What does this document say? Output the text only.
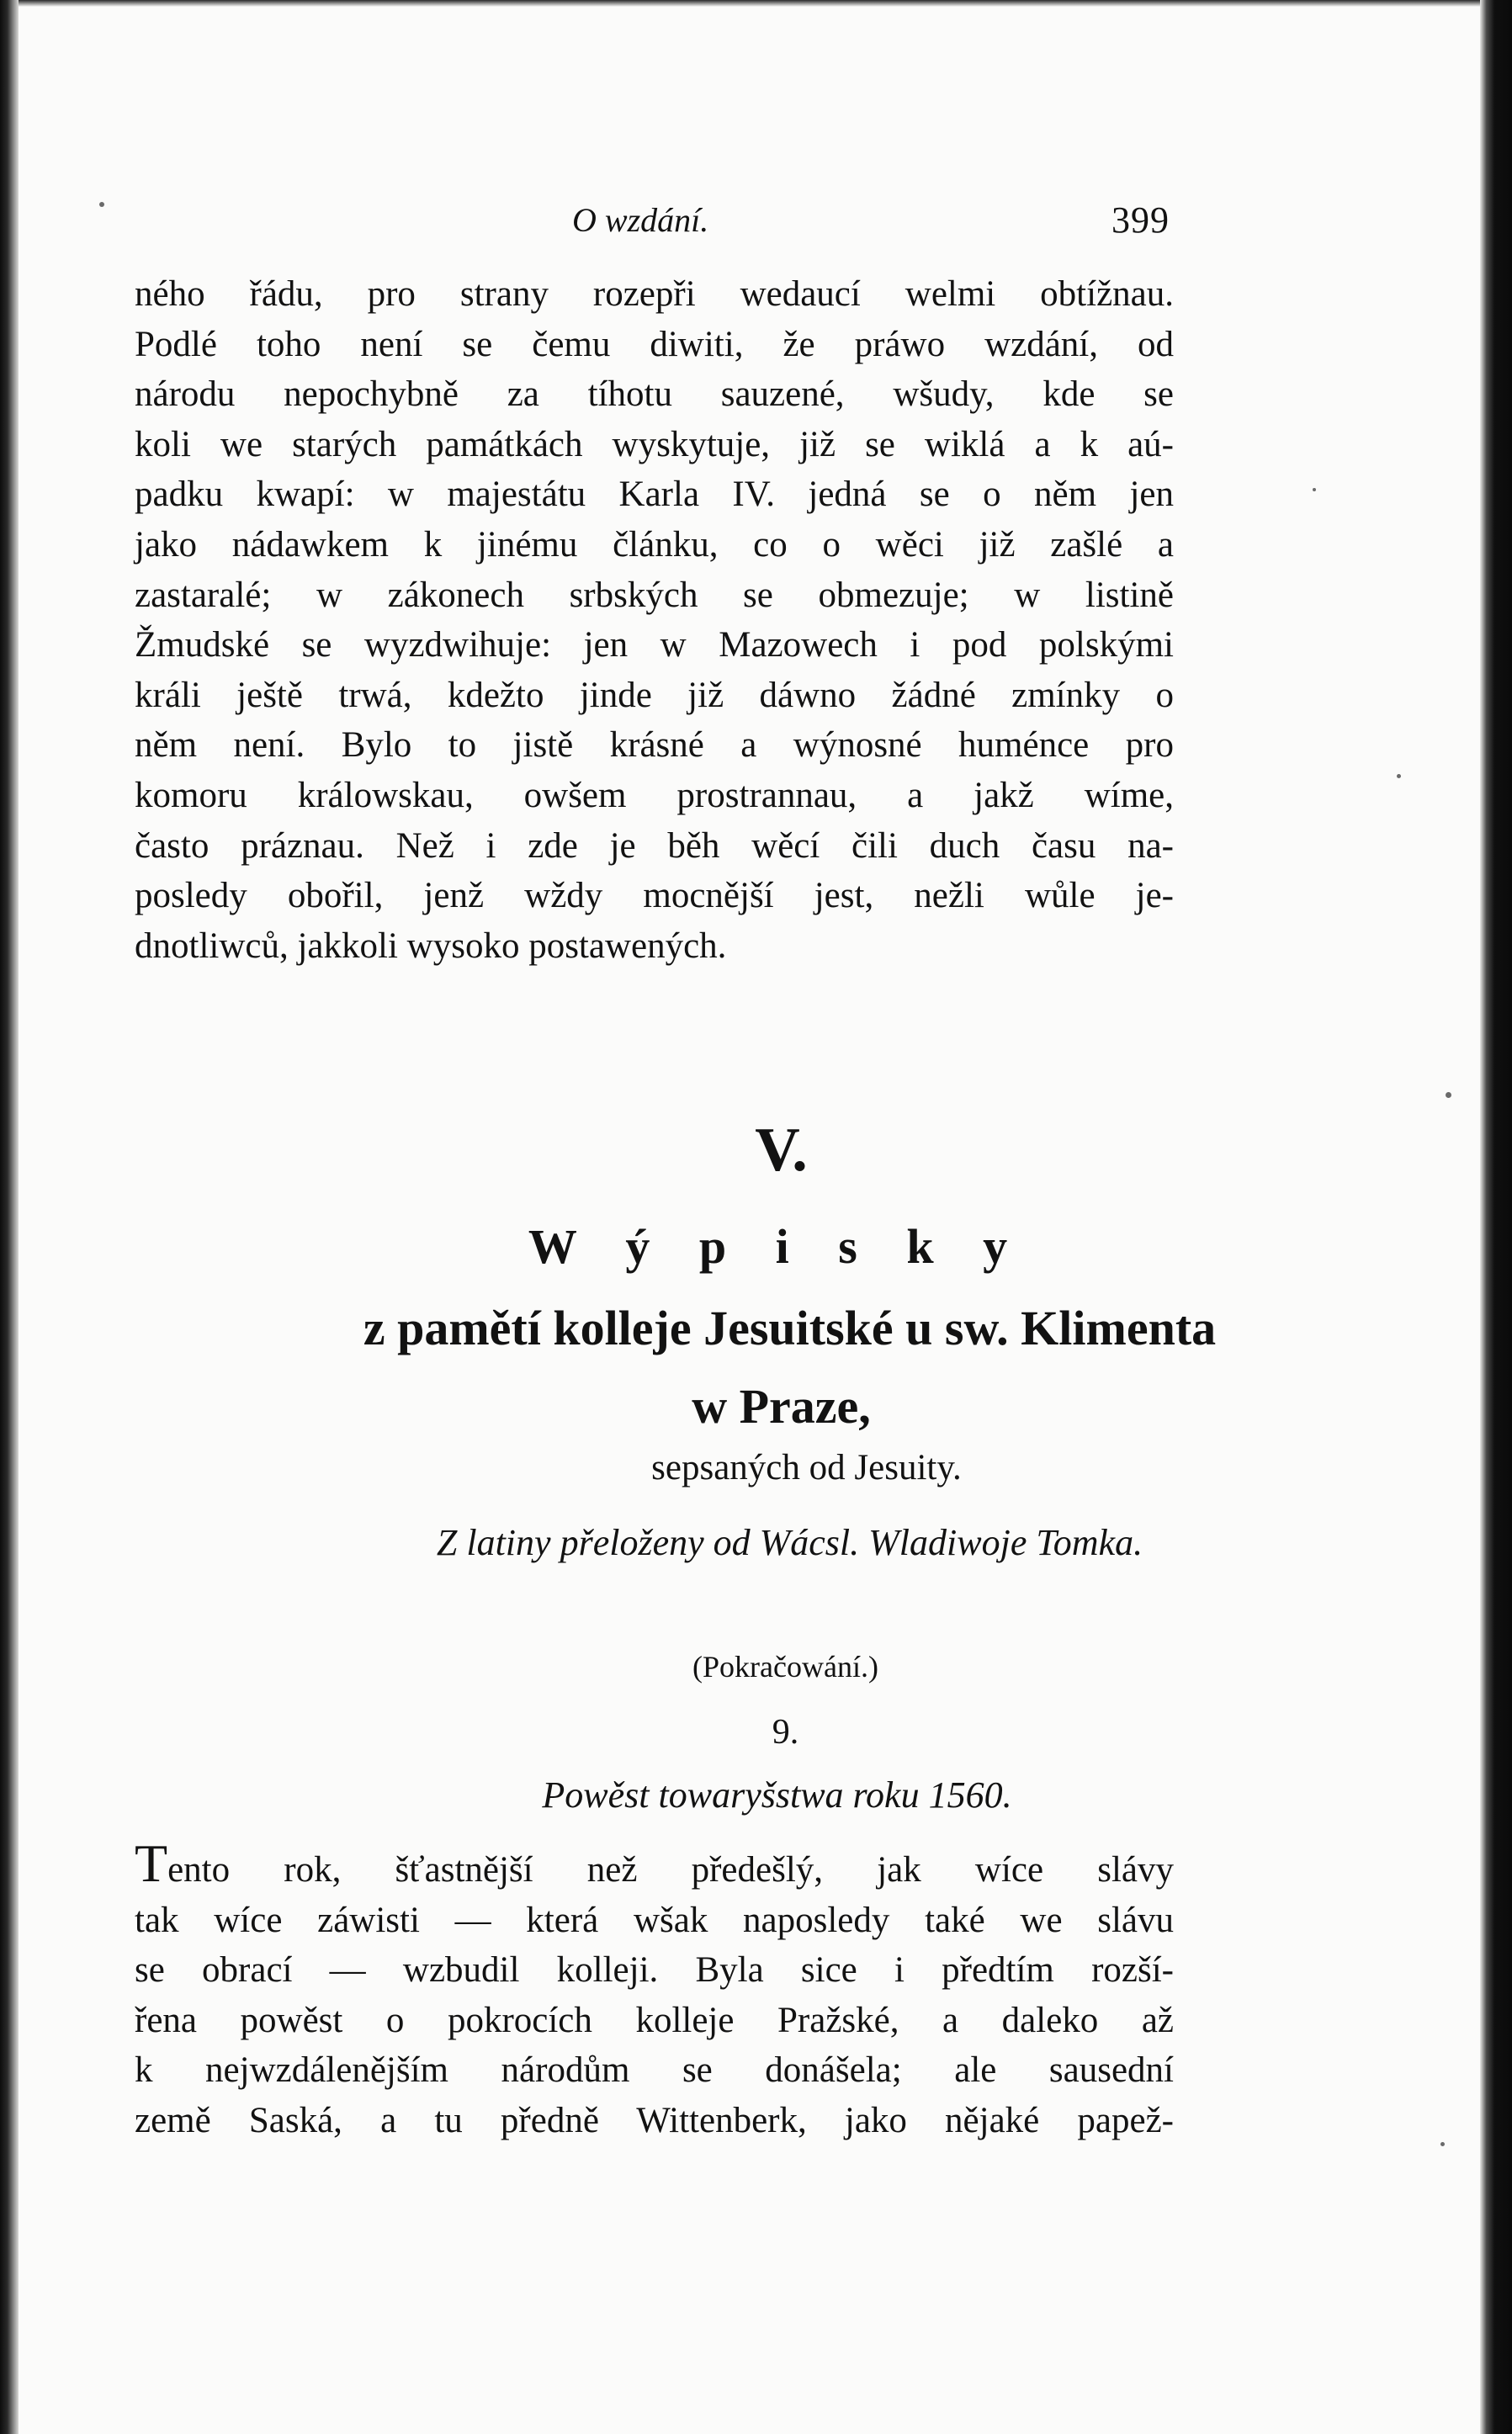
O wzdání.	399
ného řádu, pro strany rozepři wedaucí welmi obtížnau.
Podlé toho není se čemu diwiti, že práwo wzdání, od
národu nepochybně za tíhotu sauzené, wšudy, kde se
koli we starých památkách wyskytuje, již se wiklá a k aú-
padku kwapí: w majestátu Karla IV. jedná se o něm jen
jako nádawkem k jinému článku, co o wěci již zašlé a
zastaralé; w zákonech srbských se obmezuje; w listině
Žmudské se wyzdwihuje: jen w Mazowech i pod polskými
králi ještě trwá, kdežto jinde již dáwno žádné zmínky o
něm není. Bylo to jistě krásné a wýnosné huménce pro
komoru králowskau, owšem prostrannau, a jakž wíme,
často práznau. Než i zde je běh wěcí čili duch času na-
posledy obořil, jenž wždy mocnější jest, nežli wůle je-
dnotliwců, jakkoli wysoko postawených.
V.
W ý p i s k y
z pamětí kolleje Jesuitské u sw. Klimenta
w Praze,
sepsaných od Jesuity.
Z latiny přeloženy od Wácsl. Wladiwoje Tomka.
(Pokračowání.)
9.
Powěst towaryšstwa roku 1560.
Tento rok, šťastnější než předešlý, jak wíce slávy
tak wíce záwisti — která wšak naposledy také we slávu
se obrací — wzbudil kolleji. Byla sice i předtím rozší-
řena powěst o pokrocích kolleje Pražské, a daleko až
k nejwzdálenějším národům se donášela; ale sausední
země Saská, a tu předně Wittenberk, jako nějaké papež-
